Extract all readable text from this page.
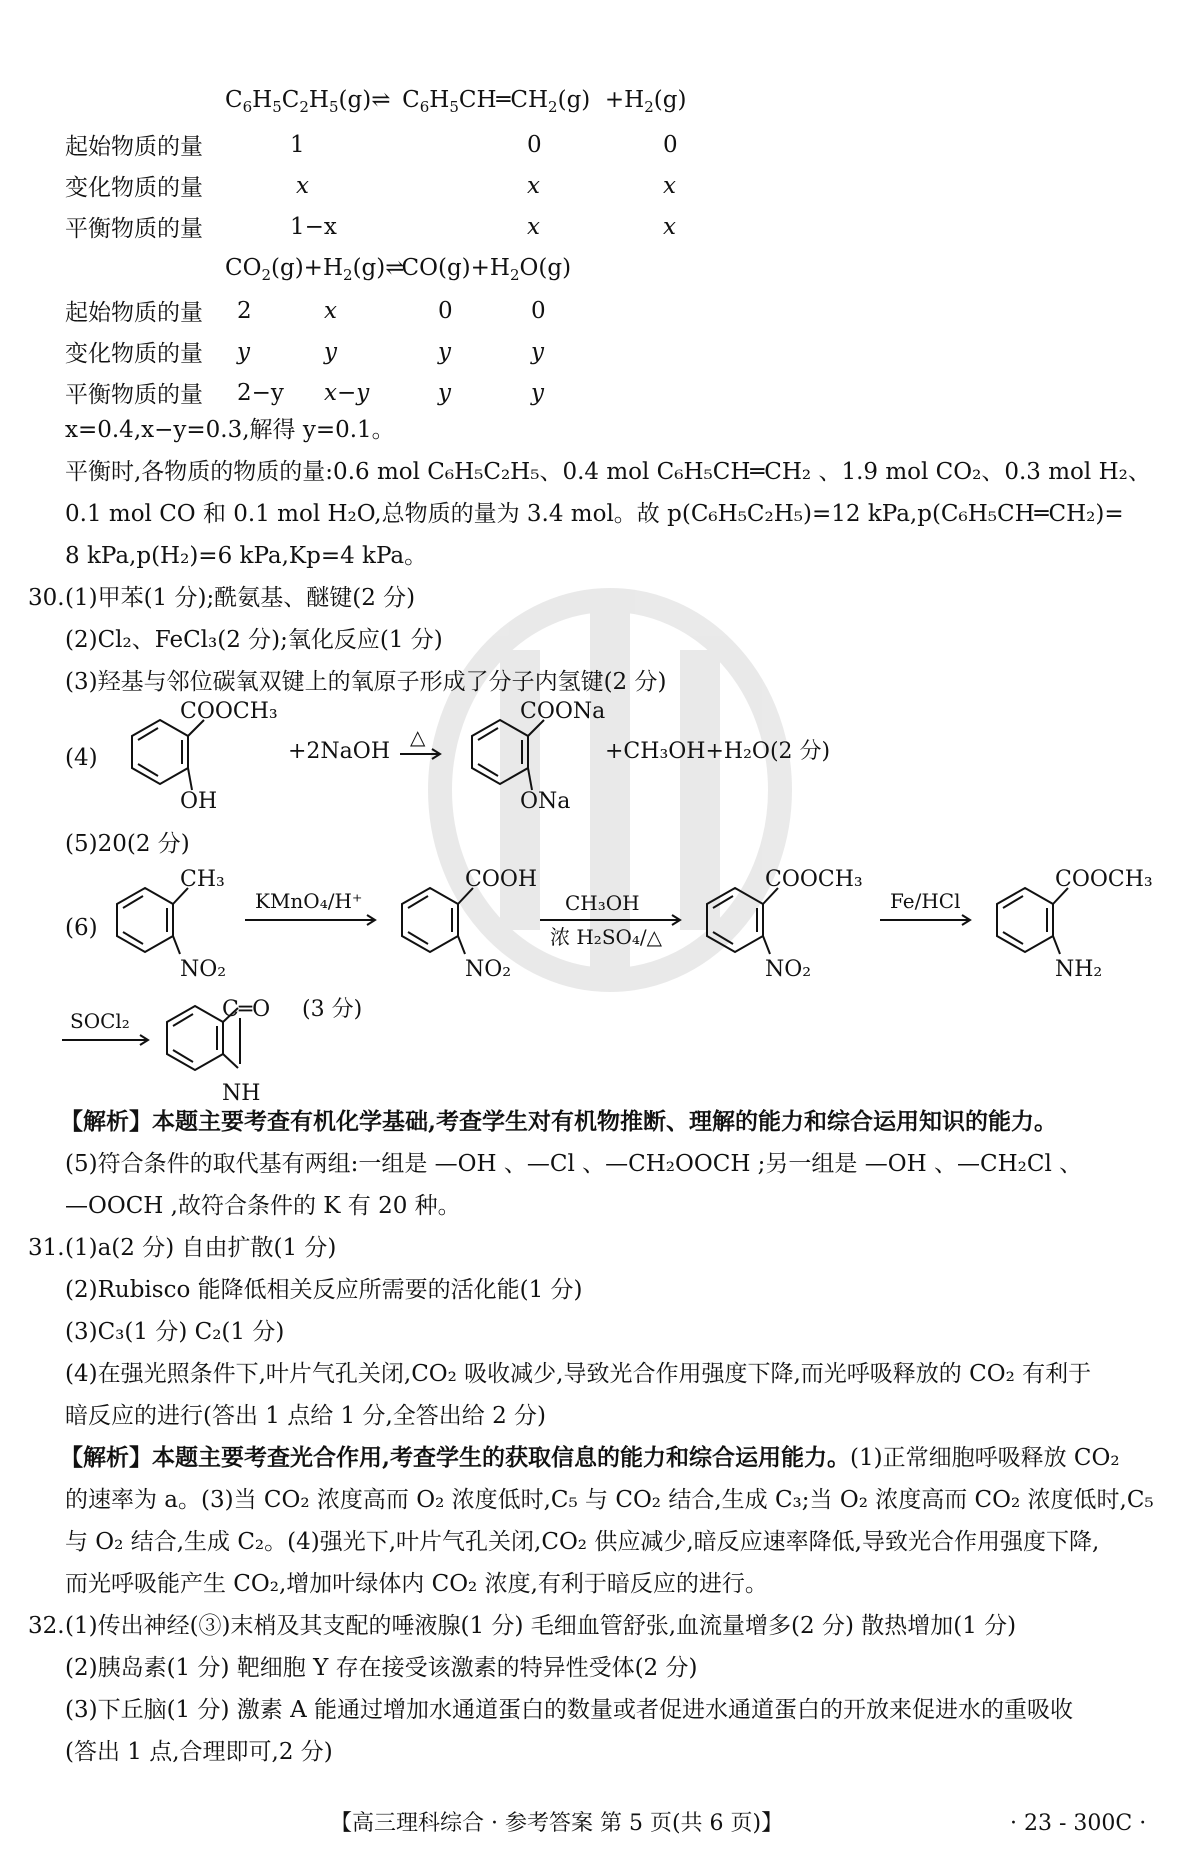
$C_6H_5C_2H_5(g)\rightleftharpoons$  $C_6H_5CH═CH_2(g) +H_2(g)$
起始物质的量	1	0	0
变化物质的量	x	x	x
平衡物质的量	1−x	x	x
$CO_2(g)+H_2(g)\rightleftharpoons CO(g)+H_2O(g)$
起始物质的量	2	x	0	0
变化物质的量	y	y	y	y
平衡物质的量	2−y	x−y	y	y
x=0.4,x−y=0.3,解得 y=0.1。
平衡时,各物质的物质的量:0.6 mol C₆H₅C₂H₅、0.4 mol C₆H₅CH═CH₂ 、1.9 mol CO₂、0.3 mol H₂、
0.1 mol CO 和 0.1 mol H₂O,总物质的量为 3.4 mol。故 p(C₆H₅C₂H₅)=12 kPa,p(C₆H₅CH═CH₂)=
8 kPa,p(H₂)=6 kPa,Kp=4 kPa。
30. (1)甲苯(1 分);酰氨基、醚键(2 分)
(2)Cl₂、FeCl₃(2 分);氧化反应(1 分)
(3)羟基与邻位碳氧双键上的氧原子形成了分子内氢键(2 分)
(4)
COOCH₃
OH
+2NaOH
△
COONa
ONa
+CH₃OH+H₂O(2 分)
(5)20(2 分)
(6)
CH₃
NO₂
KMnO₄/H⁺
COOH
NO₂
CH₃OH
浓 H₂SO₄/△
COOCH₃
NO₂
Fe/HCl
COOCH₃
NH₂
SOCl₂	C═O
NH
(3 分)
【解析】本题主要考查有机化学基础,考查学生对有机物推断、理解的能力和综合运用知识的能力。
(5)符合条件的取代基有两组:一组是 —OH 、—Cl 、—CH₂OOCH ;另一组是 —OH 、—CH₂Cl 、
—OOCH ,故符合条件的 K 有 20 种。
31. (1)a(2 分) 自由扩散(1 分)
(2)Rubisco 能降低相关反应所需要的活化能(1 分)
(3)C₃(1 分) C₂(1 分)
(4)在强光照条件下,叶片气孔关闭,CO₂ 吸收减少,导致光合作用强度下降,而光呼吸释放的 CO₂ 有利于
暗反应的进行(答出 1 点给 1 分,全答出给 2 分)
【解析】本题主要考查光合作用,考查学生的获取信息的能力和综合运用能力。(1)正常细胞呼吸释放 CO₂
的速率为 a。(3)当 CO₂ 浓度高而 O₂ 浓度低时,C₅ 与 CO₂ 结合,生成 C₃;当 O₂ 浓度高而 CO₂ 浓度低时,C₅
与 O₂ 结合,生成 C₂。(4)强光下,叶片气孔关闭,CO₂ 供应减少,暗反应速率降低,导致光合作用强度下降,
而光呼吸能产生 CO₂,增加叶绿体内 CO₂ 浓度,有利于暗反应的进行。
32. (1)传出神经(③)末梢及其支配的唾液腺(1 分) 毛细血管舒张,血流量增多(2 分) 散热增加(1 分)
(2)胰岛素(1 分) 靶细胞 Y 存在接受该激素的特异性受体(2 分)
(3)下丘脑(1 分) 激素 A 能通过增加水通道蛋白的数量或者促进水通道蛋白的开放来促进水的重吸收
(答出 1 点,合理即可,2 分)
【高三理科综合 · 参考答案 第 5 页(共 6 页)】	· 23 - 300C ·
